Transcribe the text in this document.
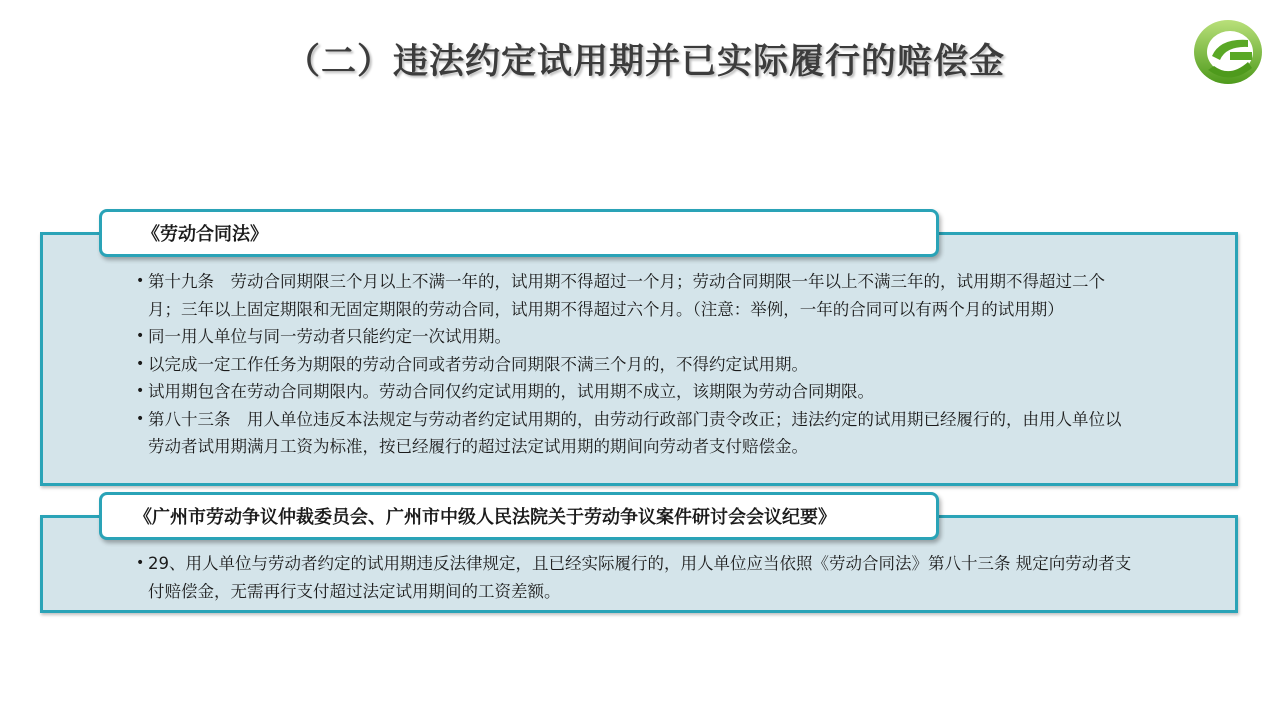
（二）违法约定试用期并已实际履行的赔偿金
《劳动合同法》
• 第十九条　劳动合同期限三个月以上不满一年的，试用期不得超过一个月；劳动合同期限一年以上不满三年的，试用期不得超过二个月；三年以上固定期限和无固定期限的劳动合同，试用期不得超过六个月。（注意：举例，一年的合同可以有两个月的试用期）
• 同一用人单位与同一劳动者只能约定一次试用期。
• 以完成一定工作任务为期限的劳动合同或者劳动合同期限不满三个月的，不得约定试用期。
• 试用期包含在劳动合同期限内。劳动合同仅约定试用期的，试用期不成立，该期限为劳动合同期限。
• 第八十三条　用人单位违反本法规定与劳动者约定试用期的，由劳动行政部门责令改正；违法约定的试用期已经履行的，由用人单位以劳动者试用期满月工资为标准，按已经履行的超过法定试用期的期间向劳动者支付赔偿金。
《广州市劳动争议仲裁委员会、广州市中级人民法院关于劳动争议案件研讨会会议纪要》
• 29、用人单位与劳动者约定的试用期违反法律规定，且已经实际履行的，用人单位应当依照《劳动合同法》第八十三条 规定向劳动者支付赔偿金，无需再行支付超过法定试用期间的工资差额。
